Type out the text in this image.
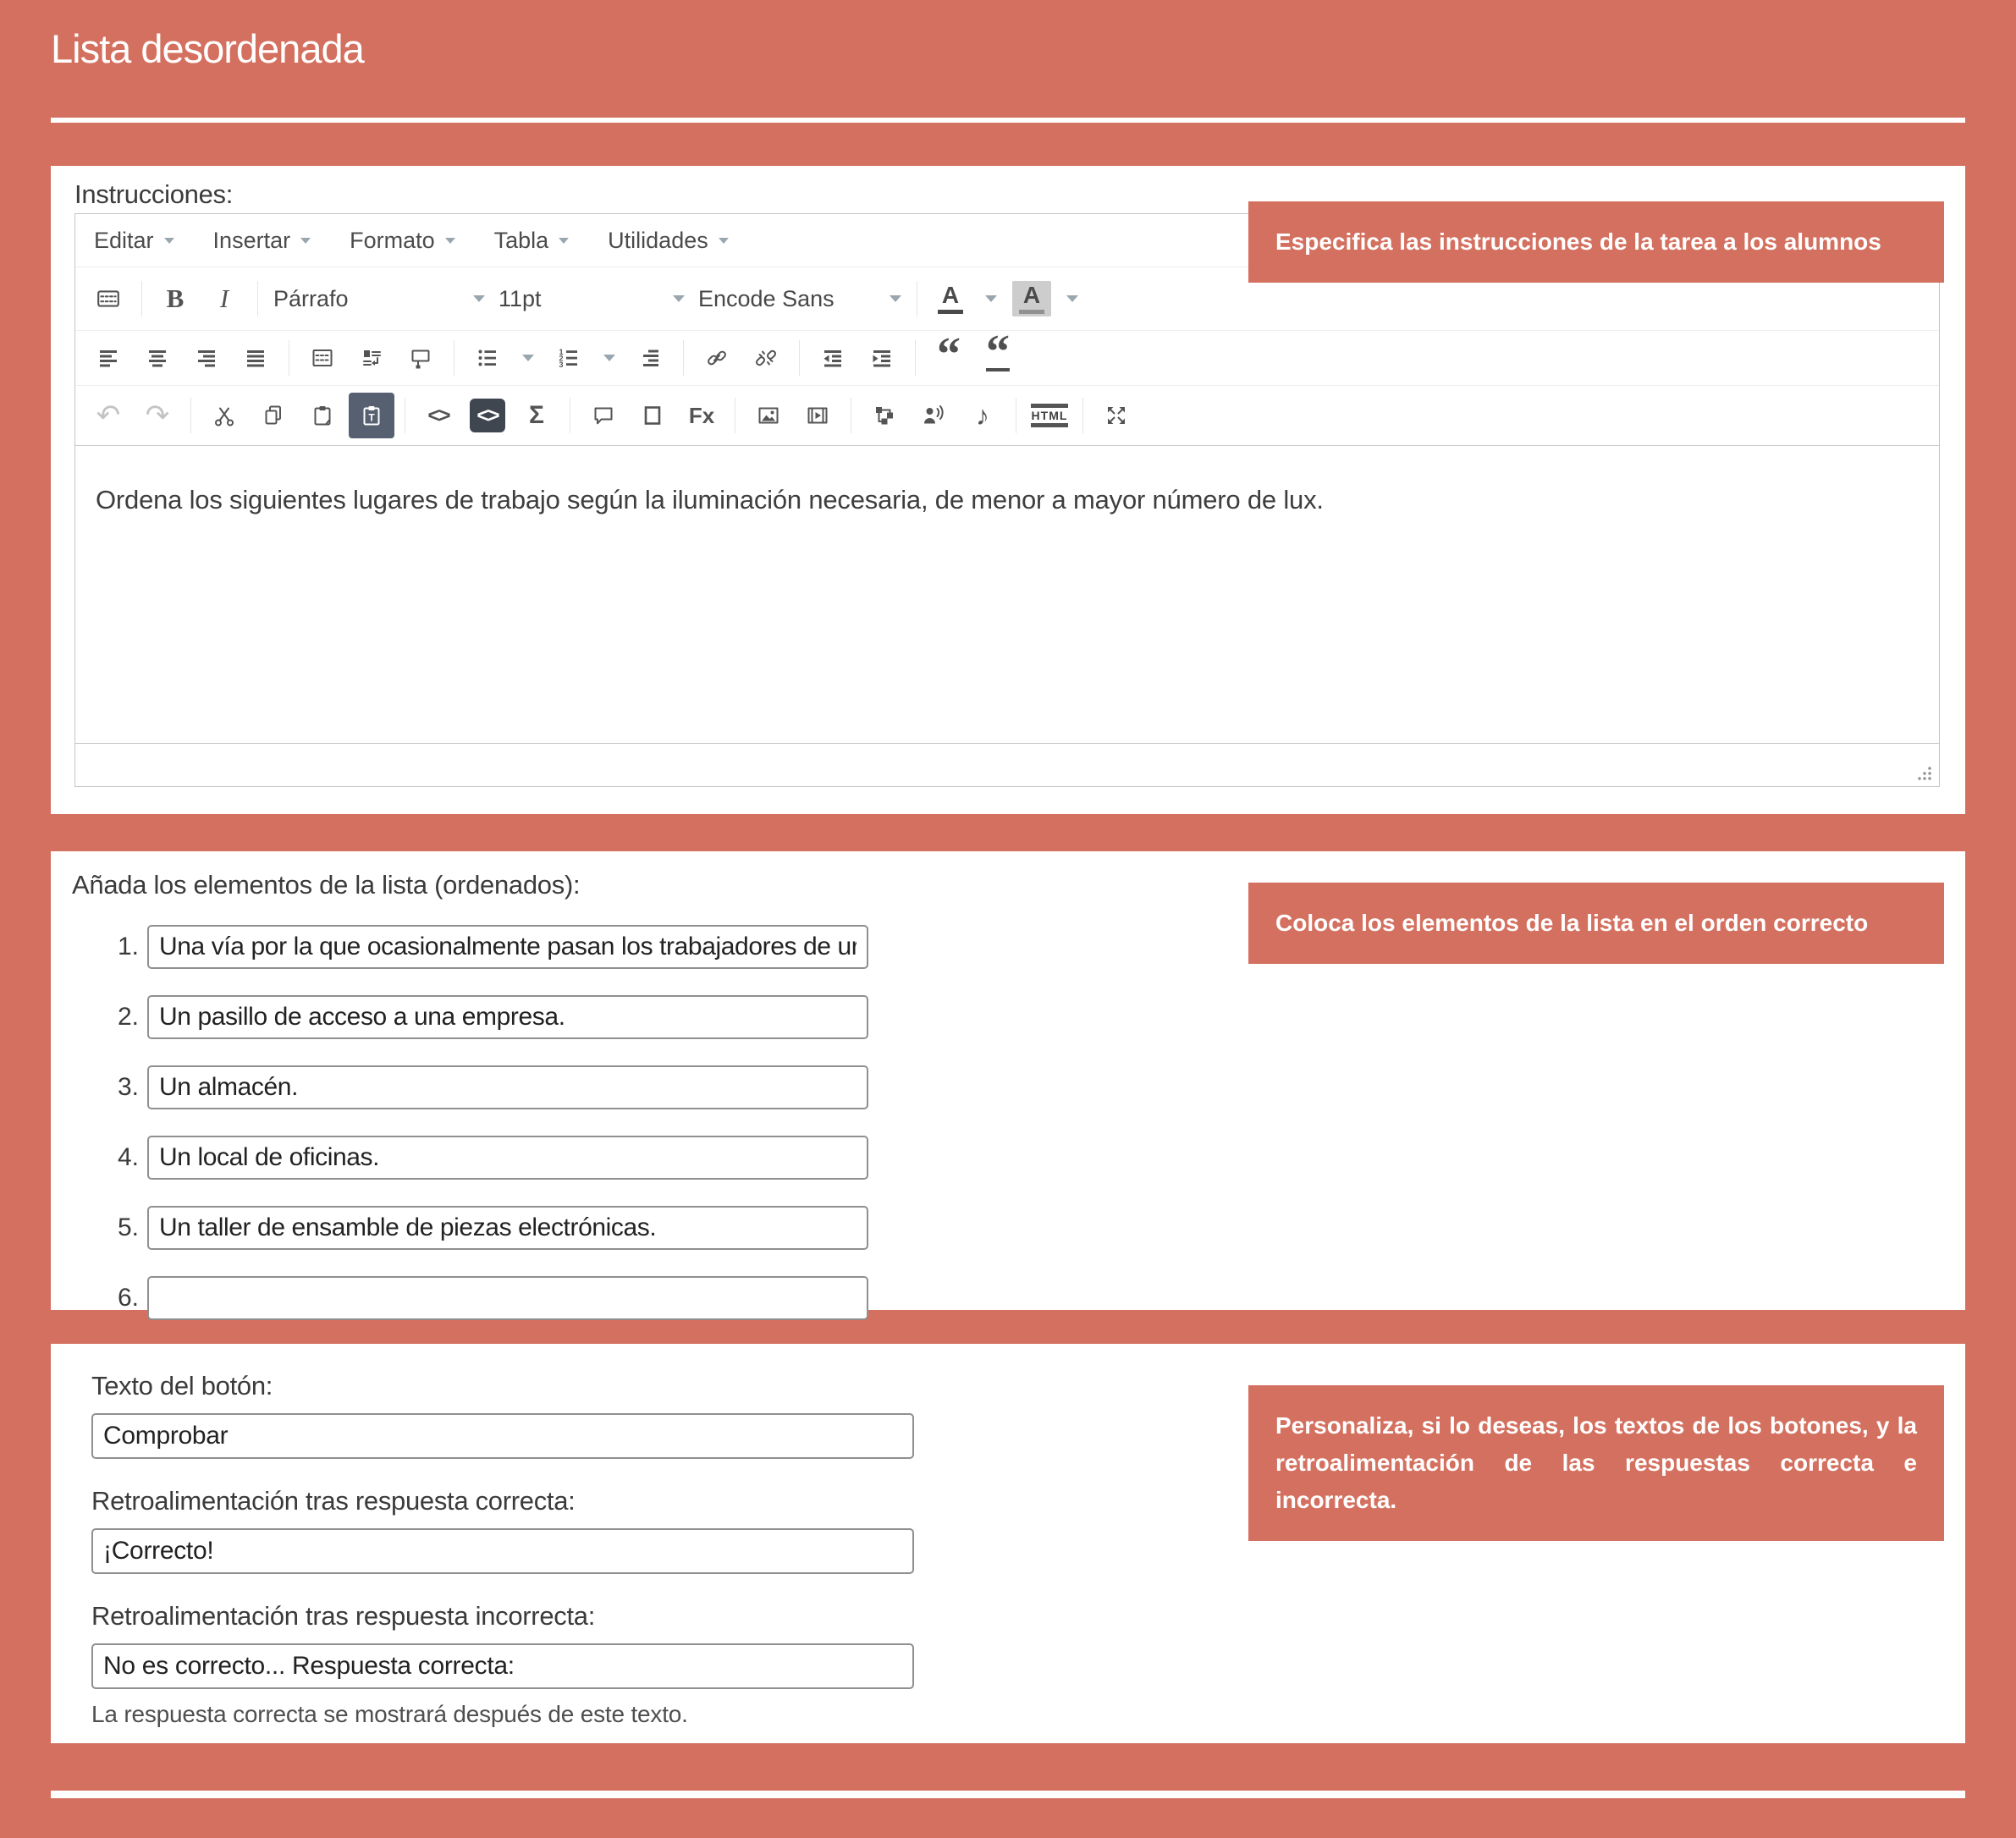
Lista desordenada
Instrucciones:
Editar	Insertar	Formato	Tabla	Utilidades
B I Párrafo	11pt	Encode Sans	A	A
1
2
3	“ “
↶ ↷	T	<>	<> Σ	Fx	♪	HTML
Ordena los siguientes lugares de trabajo según la iluminación necesaria, de menor a mayor número de lux.
Especifica las instrucciones de la tarea a los alumnos
Añada los elementos de la lista (ordenados):
1.
Una vía por la que ocasionalmente pasan los trabajadores de ur
2.
Un pasillo de acceso a una empresa.
3.
Un almacén.
4.
Un local de oficinas.
5.
Un taller de ensamble de piezas electrónicas.
6.
Coloca los elementos de la lista en el orden correcto
Texto del botón:
Comprobar
Retroalimentación tras respuesta correcta:
¡Correcto!
Retroalimentación tras respuesta incorrecta:
No es correcto... Respuesta correcta:
La respuesta correcta se mostrará después de este texto.
Personaliza, si lo deseas, los textos de los botones, y la retroalimentación de las respuestas correcta e incorrecta.
